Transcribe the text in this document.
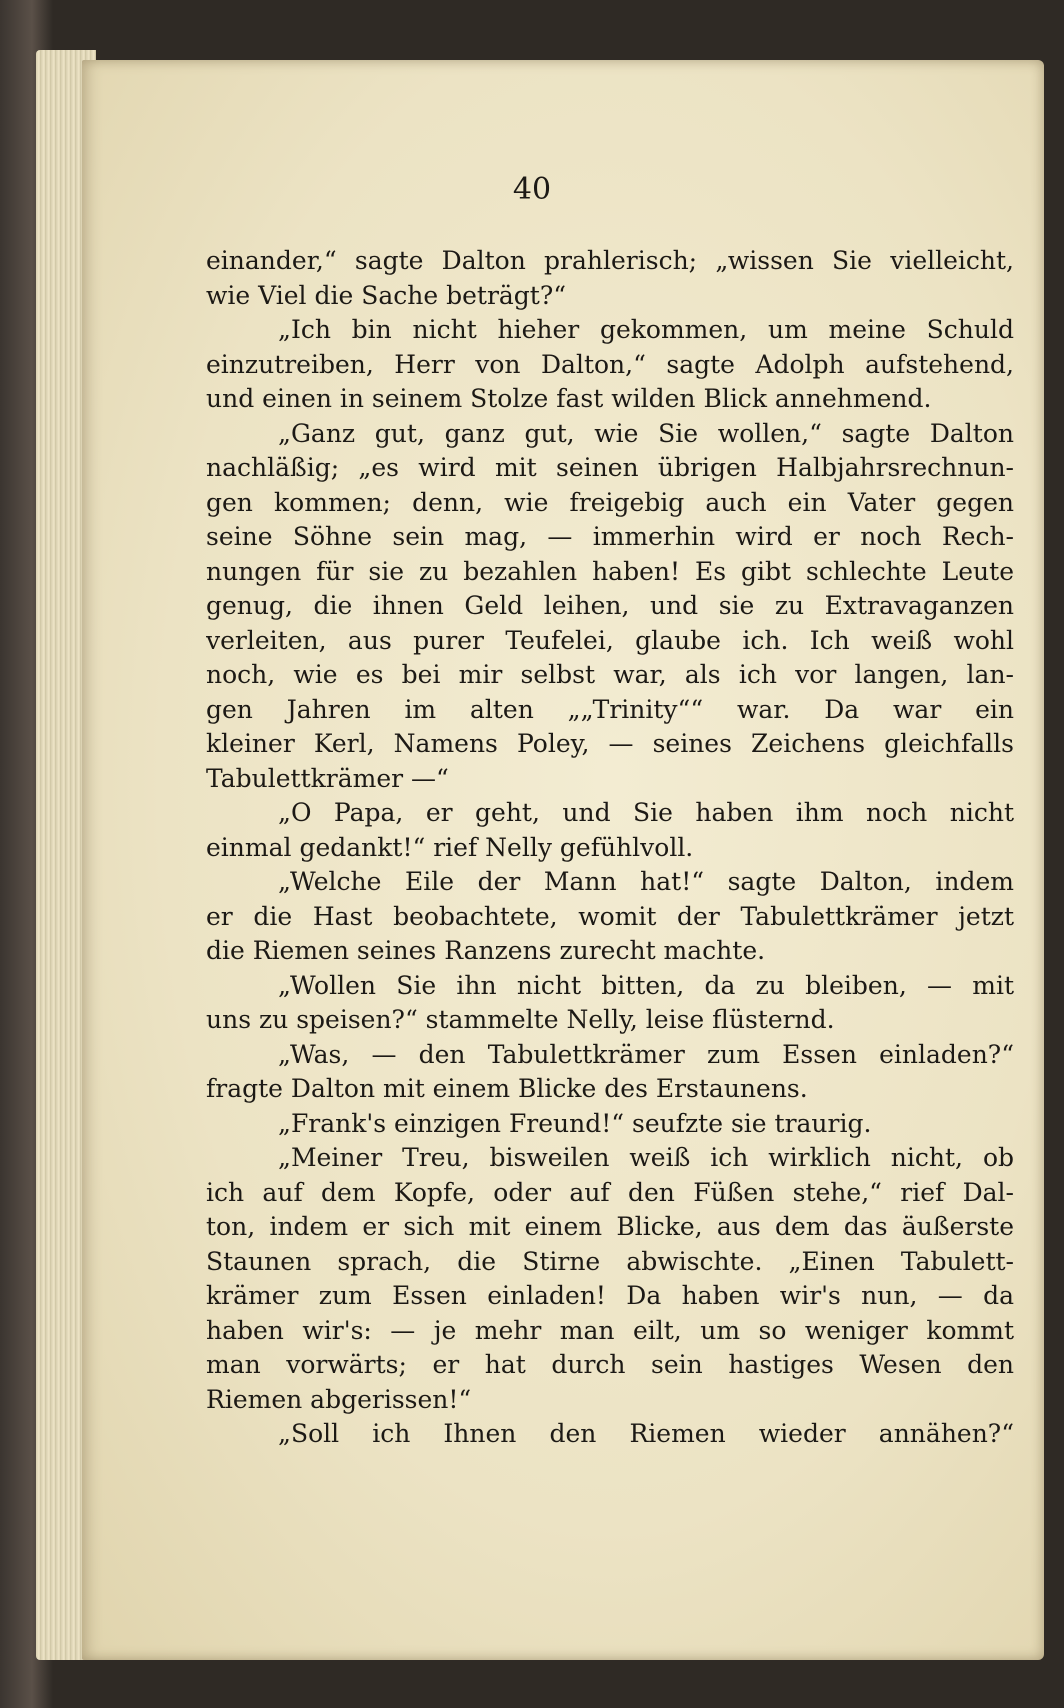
40
einander,“ sagte Dalton prahlerisch; „wissen Sie vielleicht,
wie Viel die Sache beträgt?“
„Ich bin nicht hieher gekommen, um meine Schuld
einzutreiben, Herr von Dalton,“ sagte Adolph aufstehend,
und einen in seinem Stolze fast wilden Blick annehmend.
„Ganz gut, ganz gut, wie Sie wollen,“ sagte Dalton
nachläßig; „es wird mit seinen übrigen Halbjahrsrechnun-
gen kommen; denn, wie freigebig auch ein Vater gegen
seine Söhne sein mag, — immerhin wird er noch Rech-
nungen für sie zu bezahlen haben! Es gibt schlechte Leute
genug, die ihnen Geld leihen, und sie zu Extravaganzen
verleiten, aus purer Teufelei, glaube ich. Ich weiß wohl
noch, wie es bei mir selbst war, als ich vor langen, lan-
gen Jahren im alten „„Trinity““ war. Da war ein
kleiner Kerl, Namens Poley, — seines Zeichens gleichfalls
Tabulettkrämer —“
„O Papa, er geht, und Sie haben ihm noch nicht
einmal gedankt!“ rief Nelly gefühlvoll.
„Welche Eile der Mann hat!“ sagte Dalton, indem
er die Hast beobachtete, womit der Tabulettkrämer jetzt
die Riemen seines Ranzens zurecht machte.
„Wollen Sie ihn nicht bitten, da zu bleiben, — mit
uns zu speisen?“ stammelte Nelly, leise flüsternd.
„Was, — den Tabulettkrämer zum Essen einladen?“
fragte Dalton mit einem Blicke des Erstaunens.
„Frank's einzigen Freund!“ seufzte sie traurig.
„Meiner Treu, bisweilen weiß ich wirklich nicht, ob
ich auf dem Kopfe, oder auf den Füßen stehe,“ rief Dal-
ton, indem er sich mit einem Blicke, aus dem das äußerste
Staunen sprach, die Stirne abwischte. „Einen Tabulett-
krämer zum Essen einladen! Da haben wir's nun, — da
haben wir's: — je mehr man eilt, um so weniger kommt
man vorwärts; er hat durch sein hastiges Wesen den
Riemen abgerissen!“
„Soll ich Ihnen den Riemen wieder annähen?“
